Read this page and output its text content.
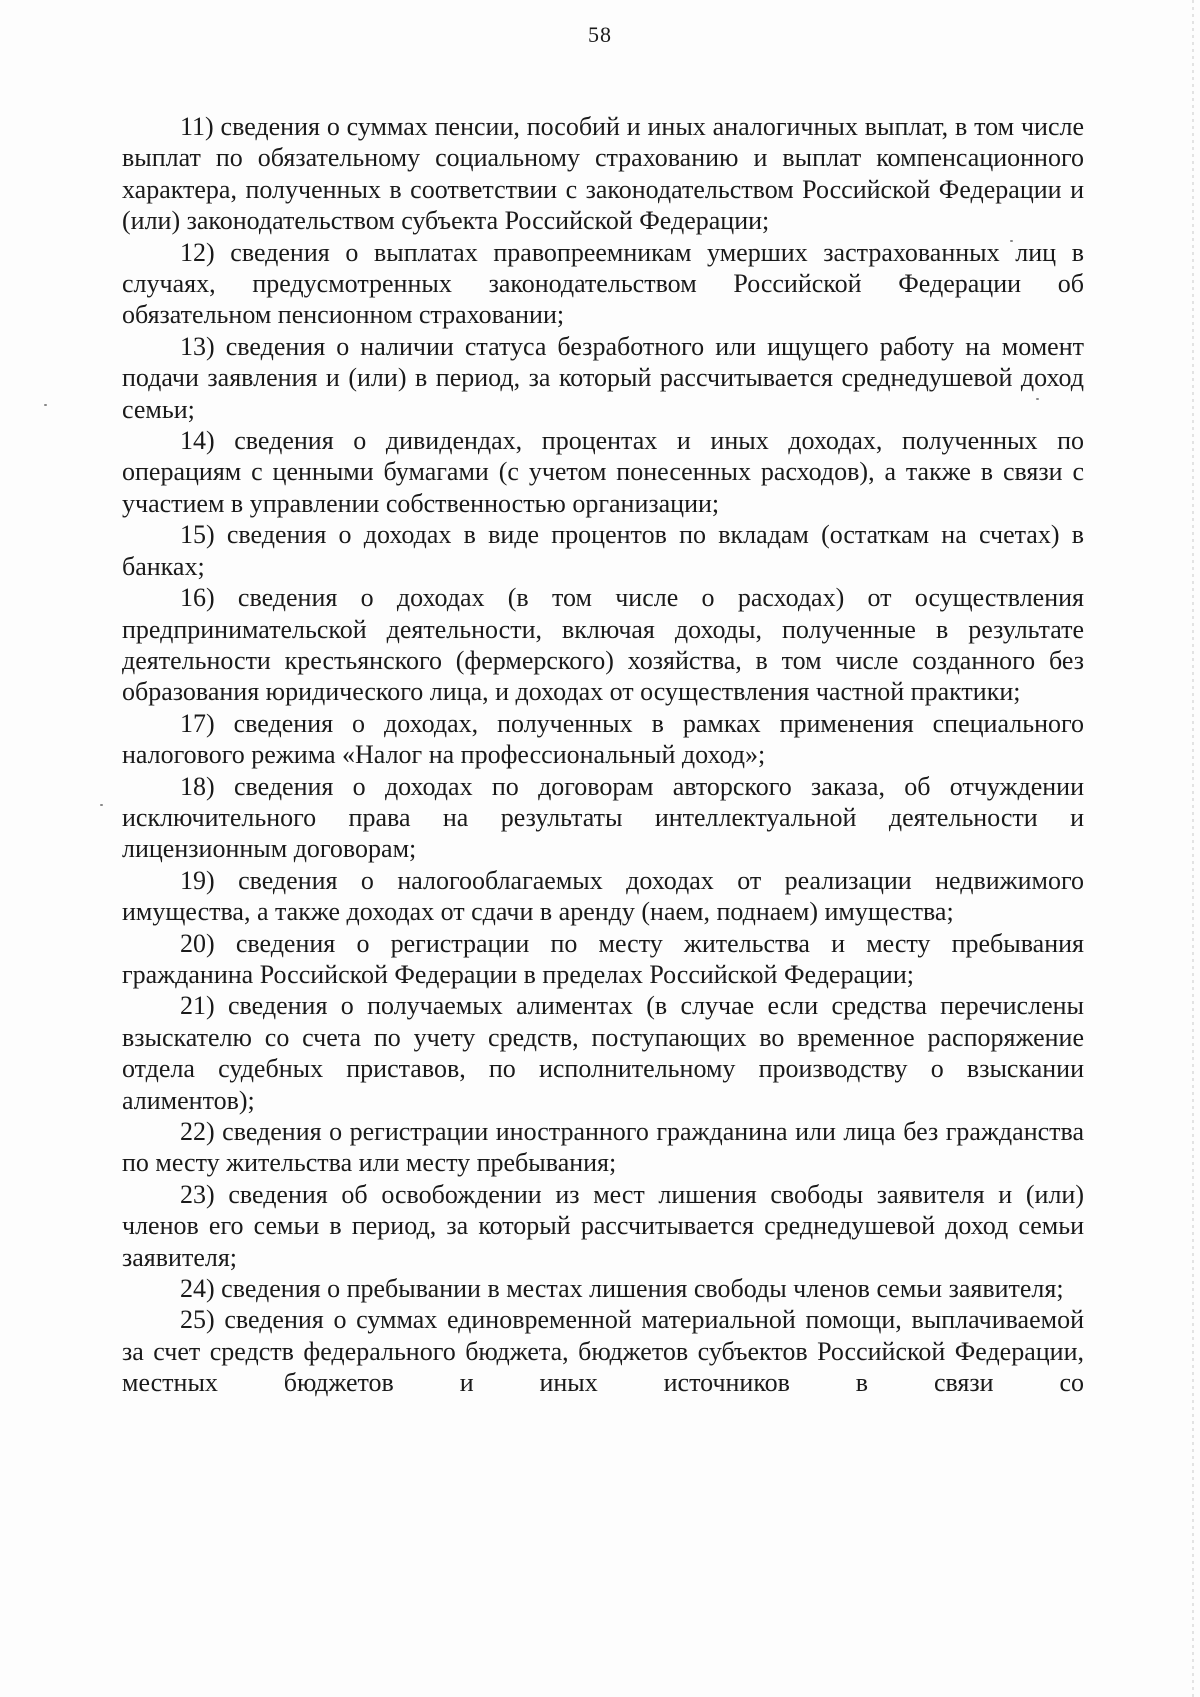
58

11) сведения о суммах пенсии, пособий и иных аналогичных выплат, в том числе выплат по обязательному социальному страхованию и выплат компенсационного характера, полученных в соответствии с законодательством Российской Федерации и (или) законодательством субъекта Российской Федерации;

12) сведения о выплатах правопреемникам умерших застрахованных лиц в случаях, предусмотренных законодательством Российской Федерации об обязательном пенсионном страховании;

13) сведения о наличии статуса безработного или ищущего работу на момент подачи заявления и (или) в период, за который рассчитывается среднедушевой доход семьи;

14) сведения о дивидендах, процентах и иных доходах, полученных по операциям с ценными бумагами (с учетом понесенных расходов), а также в связи с участием в управлении собственностью организации;

15) сведения о доходах в виде процентов по вкладам (остаткам на счетах) в банках;

16) сведения о доходах (в том числе о расходах) от осуществления предпринимательской деятельности, включая доходы, полученные в результате деятельности крестьянского (фермерского) хозяйства, в том числе созданного без образования юридического лица, и доходах от осуществления частной практики;

17) сведения о доходах, полученных в рамках применения специального налогового режима «Налог на профессиональный доход»;

18) сведения о доходах по договорам авторского заказа, об отчуждении исключительного права на результаты интеллектуальной деятельности и лицензионным договорам;

19) сведения о налогооблагаемых доходах от реализации недвижимого имущества, а также доходах от сдачи в аренду (наем, поднаем) имущества;

20) сведения о регистрации по месту жительства и месту пребывания гражданина Российской Федерации в пределах Российской Федерации;

21) сведения о получаемых алиментах (в случае если средства перечислены взыскателю со счета по учету средств, поступающих во временное распоряжение отдела судебных приставов, по исполнительному производству о взыскании алиментов);

22) сведения о регистрации иностранного гражданина или лица без гражданства по месту жительства или месту пребывания;

23) сведения об освобождении из мест лишения свободы заявителя и (или) членов его семьи в период, за который рассчитывается среднедушевой доход семьи заявителя;

24) сведения о пребывании в местах лишения свободы членов семьи заявителя;

25) сведения о суммах единовременной материальной помощи, выплачиваемой за счет средств федерального бюджета, бюджетов субъектов Российской Федерации, местных бюджетов и иных источников в связи со
